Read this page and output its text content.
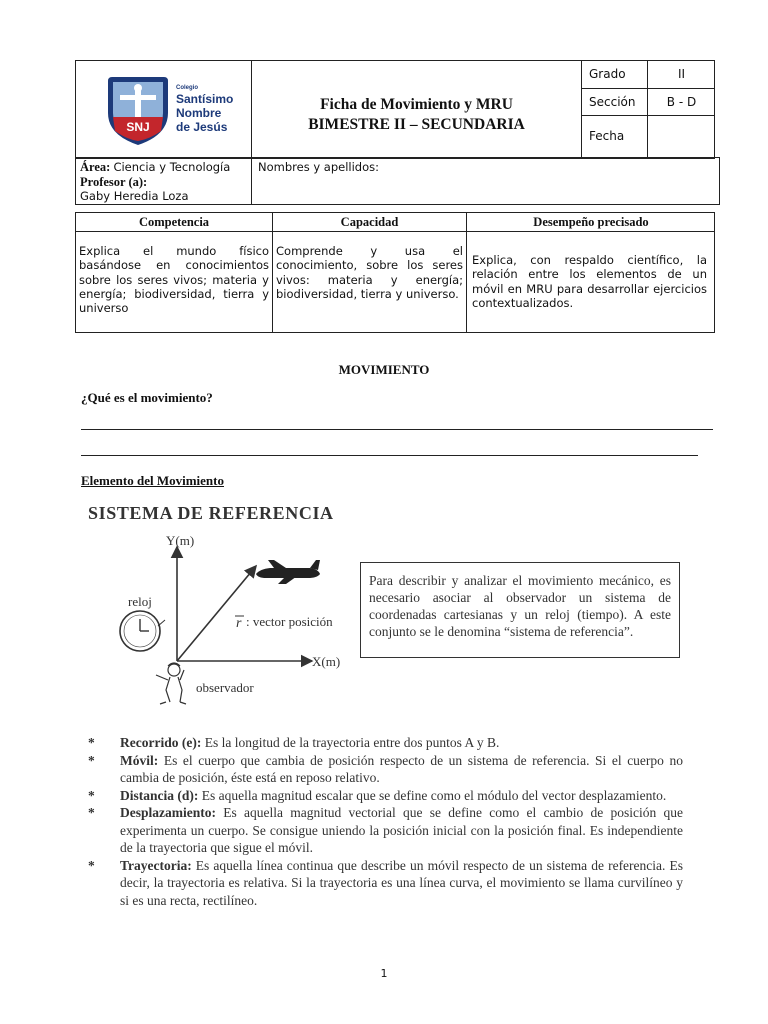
SNJ
Colegio
Santísimo
Nombre
de Jesús
Ficha de Movimiento y MRU
BIMESTRE II – SECUNDARIA
Grado	II
Sección	B - D
Fecha
Área: Ciencia y Tecnología
Profesor (a):
Gaby Heredia Loza
Nombres y apellidos:
Competencia
Explica el mundo físico basándose en conocimientos sobre los seres vivos; materia y energía; biodiversidad, tierra y universo
Capacidad
Comprende y usa el conocimiento, sobre los seres vivos: materia y energía; biodiversidad, tierra y universo.
Desempeño precisado
Explica, con respaldo científico, la relación entre los elementos de un móvil en MRU para desarrollar ejercicios contextualizados.
MOVIMIENTO
¿Qué es el movimiento?
Elemento del Movimiento
SISTEMA DE REFERENCIA
Y(m)
X(m)
r : vector posición
reloj
observador
Para describir y analizar el movimiento mecánico, es necesario asociar al observador un sistema de coordenadas cartesianas y un reloj (tiempo). A este conjunto se le denomina “sistema de referencia”.
* Recorrido (e): Es la longitud de la trayectoria entre dos puntos A y B.
* Móvil: Es el cuerpo que cambia de posición respecto de un sistema de referencia. Si el cuerpo no cambia de posición, éste está en reposo relativo.
* Distancia (d): Es aquella magnitud escalar que se define como el módulo del vector desplazamiento.
* Desplazamiento: Es aquella magnitud vectorial que se define como el cambio de posición que experimenta un cuerpo. Se consigue uniendo la posición inicial con la posición final. Es independiente de la trayectoria que sigue el móvil.
* Trayectoria: Es aquella línea continua que describe un móvil respecto de un sistema de referencia. Es decir, la trayectoria es relativa. Si la trayectoria es una línea curva, el movimiento se llama curvilíneo y si es una recta, rectilíneo.
1
